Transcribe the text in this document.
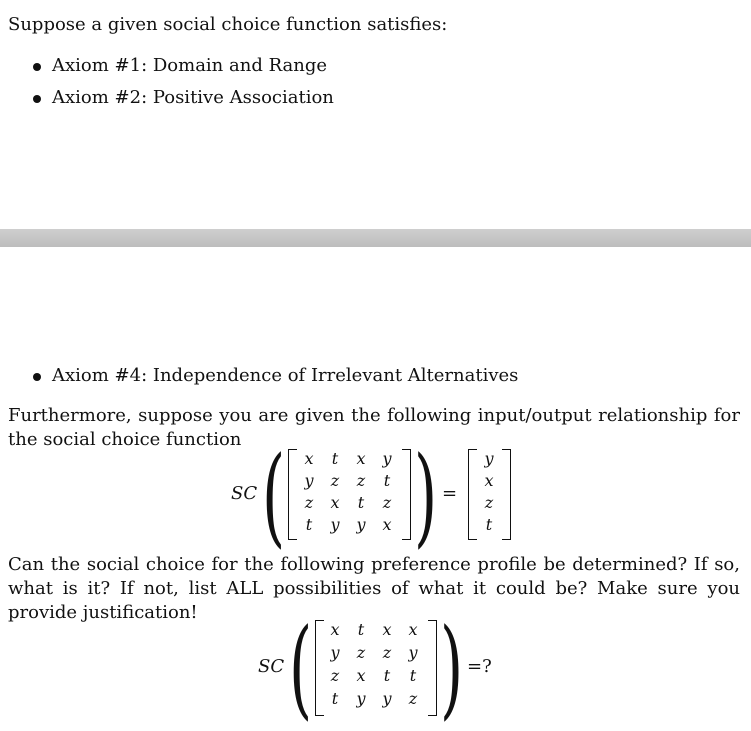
Suppose a given social choice function satisfies:
Axiom #1: Domain and Range
Axiom #2: Positive Association
Axiom #4: Independence of Irrelevant Alternatives
Furthermore, suppose you are given the following input/output relationship for the social choice function
SC (	x	t	x	y
y	z	z	t
z	x	t	z
t	y	y	x ) =
y
x
z
t
Can the social choice for the following preference profile be determined? If so, what is it? If not, list ALL possibilities of what it could be? Make sure you provide justification!
SC (	x	t	x	x
y	z	z	y
z	x	t	t
t	y	y	z ) =?
